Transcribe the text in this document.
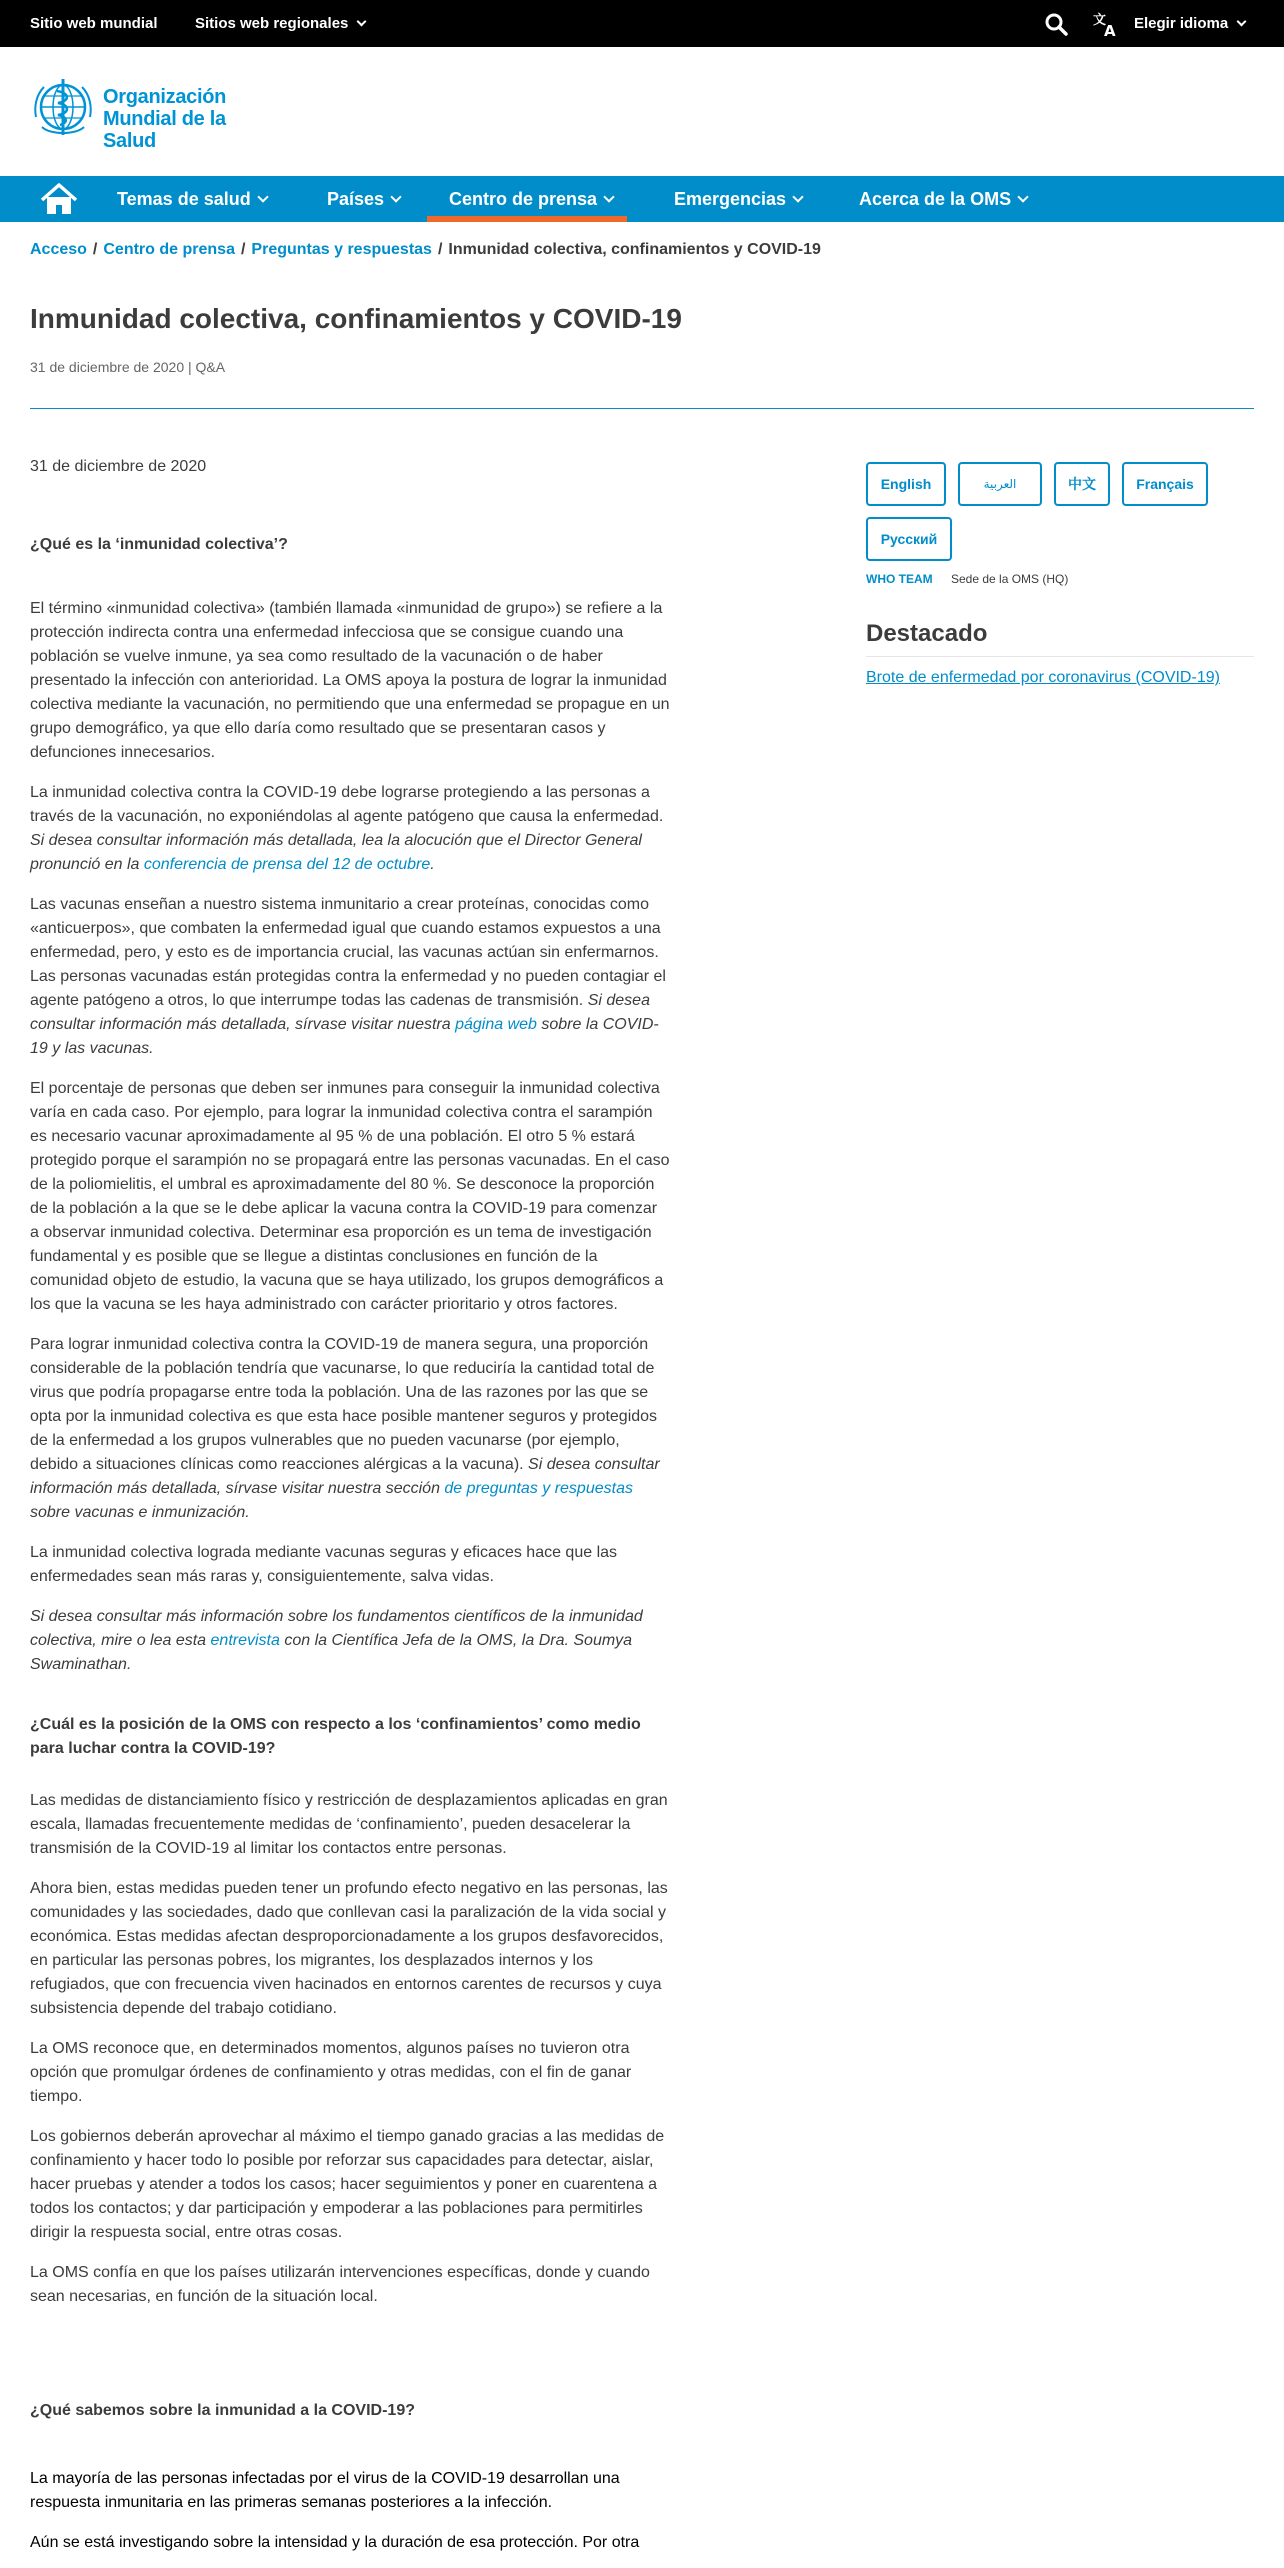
Sitio web mundial Sitios web regionales	文
A Elegir idioma
Organización
Mundial de la Salud
Temas de salud	Países	Centro de prensa	Emergencias	Acerca de la OMS
Acceso / Centro de prensa / Preguntas y respuestas / Inmunidad colectiva, confinamientos y COVID-19
Inmunidad colectiva, confinamientos y COVID-19
31 de diciembre de 2020 | Q&A

31 de diciembre de 2020

¿Qué es la ‘inmunidad colectiva’?

El término «inmunidad colectiva» (también llamada «inmunidad de grupo») se refiere a la protección indirecta contra una enfermedad infecciosa que se consigue cuando una población se vuelve inmune, ya sea como resultado de la vacunación o de haber presentado la infección con anterioridad. La OMS apoya la postura de lograr la inmunidad colectiva mediante la vacunación, no permitiendo que una enfermedad se propague en un grupo demográfico, ya que ello daría como resultado que se presentaran casos y defunciones innecesarios.

La inmunidad colectiva contra la COVID-19 debe lograrse protegiendo a las personas a través de la vacunación, no exponiéndolas al agente patógeno que causa la enfermedad. Si desea consultar información más detallada, lea la alocución que el Director General pronunció en la conferencia de prensa del 12 de octubre.

Las vacunas enseñan a nuestro sistema inmunitario a crear proteínas, conocidas como «anticuerpos», que combaten la enfermedad igual que cuando estamos expuestos a una enfermedad, pero, y esto es de importancia crucial, las vacunas actúan sin enfermarnos. Las personas vacunadas están protegidas contra la enfermedad y no pueden contagiar el agente patógeno a otros, lo que interrumpe todas las cadenas de transmisión. Si desea consultar información más detallada, sírvase visitar nuestra página web sobre la COVID-19 y las vacunas.

El porcentaje de personas que deben ser inmunes para conseguir la inmunidad colectiva varía en cada caso. Por ejemplo, para lograr la inmunidad colectiva contra el sarampión es necesario vacunar aproximadamente al 95 % de una población. El otro 5 % estará protegido porque el sarampión no se propagará entre las personas vacunadas. En el caso de la poliomielitis, el umbral es aproximadamente del 80 %. Se desconoce la proporción de la población a la que se le debe aplicar la vacuna contra la COVID-19 para comenzar a observar inmunidad colectiva. Determinar esa proporción es un tema de investigación fundamental y es posible que se llegue a distintas conclusiones en función de la comunidad objeto de estudio, la vacuna que se haya utilizado, los grupos demográficos a los que la vacuna se les haya administrado con carácter prioritario y otros factores.

Para lograr inmunidad colectiva contra la COVID-19 de manera segura, una proporción considerable de la población tendría que vacunarse, lo que reduciría la cantidad total de virus que podría propagarse entre toda la población. Una de las razones por las que se opta por la inmunidad colectiva es que esta hace posible mantener seguros y protegidos de la enfermedad a los grupos vulnerables que no pueden vacunarse (por ejemplo, debido a situaciones clínicas como reacciones alérgicas a la vacuna). Si desea consultar información más detallada, sírvase visitar nuestra sección de preguntas y respuestas sobre vacunas e inmunización.

La inmunidad colectiva lograda mediante vacunas seguras y eficaces hace que las enfermedades sean más raras y, consiguientemente, salva vidas.

Si desea consultar más información sobre los fundamentos científicos de la inmunidad colectiva, mire o lea esta entrevista con la Científica Jefa de la OMS, la Dra. Soumya Swaminathan.

¿Cuál es la posición de la OMS con respecto a los ‘confinamientos’ como medio para luchar contra la COVID-19?

Las medidas de distanciamiento físico y restricción de desplazamientos aplicadas en gran escala, llamadas frecuentemente medidas de ‘confinamiento’, pueden desacelerar la transmisión de la COVID-19 al limitar los contactos entre personas.

Ahora bien, estas medidas pueden tener un profundo efecto negativo en las personas, las comunidades y las sociedades, dado que conllevan casi la paralización de la vida social y económica. Estas medidas afectan desproporcionadamente a los grupos desfavorecidos, en particular las personas pobres, los migrantes, los desplazados internos y los refugiados, que con frecuencia viven hacinados en entornos carentes de recursos y cuya subsistencia depende del trabajo cotidiano.

La OMS reconoce que, en determinados momentos, algunos países no tuvieron otra opción que promulgar órdenes de confinamiento y otras medidas, con el fin de ganar tiempo.

Los gobiernos deberán aprovechar al máximo el tiempo ganado gracias a las medidas de confinamiento y hacer todo lo posible por reforzar sus capacidades para detectar, aislar, hacer pruebas y atender a todos los casos; hacer seguimientos y poner en cuarentena a todos los contactos; y dar participación y empoderar a las poblaciones para permitirles dirigir la respuesta social, entre otras cosas.

La OMS confía en que los países utilizarán intervenciones específicas, donde y cuando sean necesarias, en función de la situación local.

¿Qué sabemos sobre la inmunidad a la COVID-19?

La mayoría de las personas infectadas por el virus de la COVID-19 desarrollan una respuesta inmunitaria en las primeras semanas posteriores a la infección.

Aún se está investigando sobre la intensidad y la duración de esa protección. Por otra

English	العربية	中文	Français
Русский
WHO TEAM Sede de la OMS (HQ)
Destacado
Brote de enfermedad por coronavirus (COVID-19)
